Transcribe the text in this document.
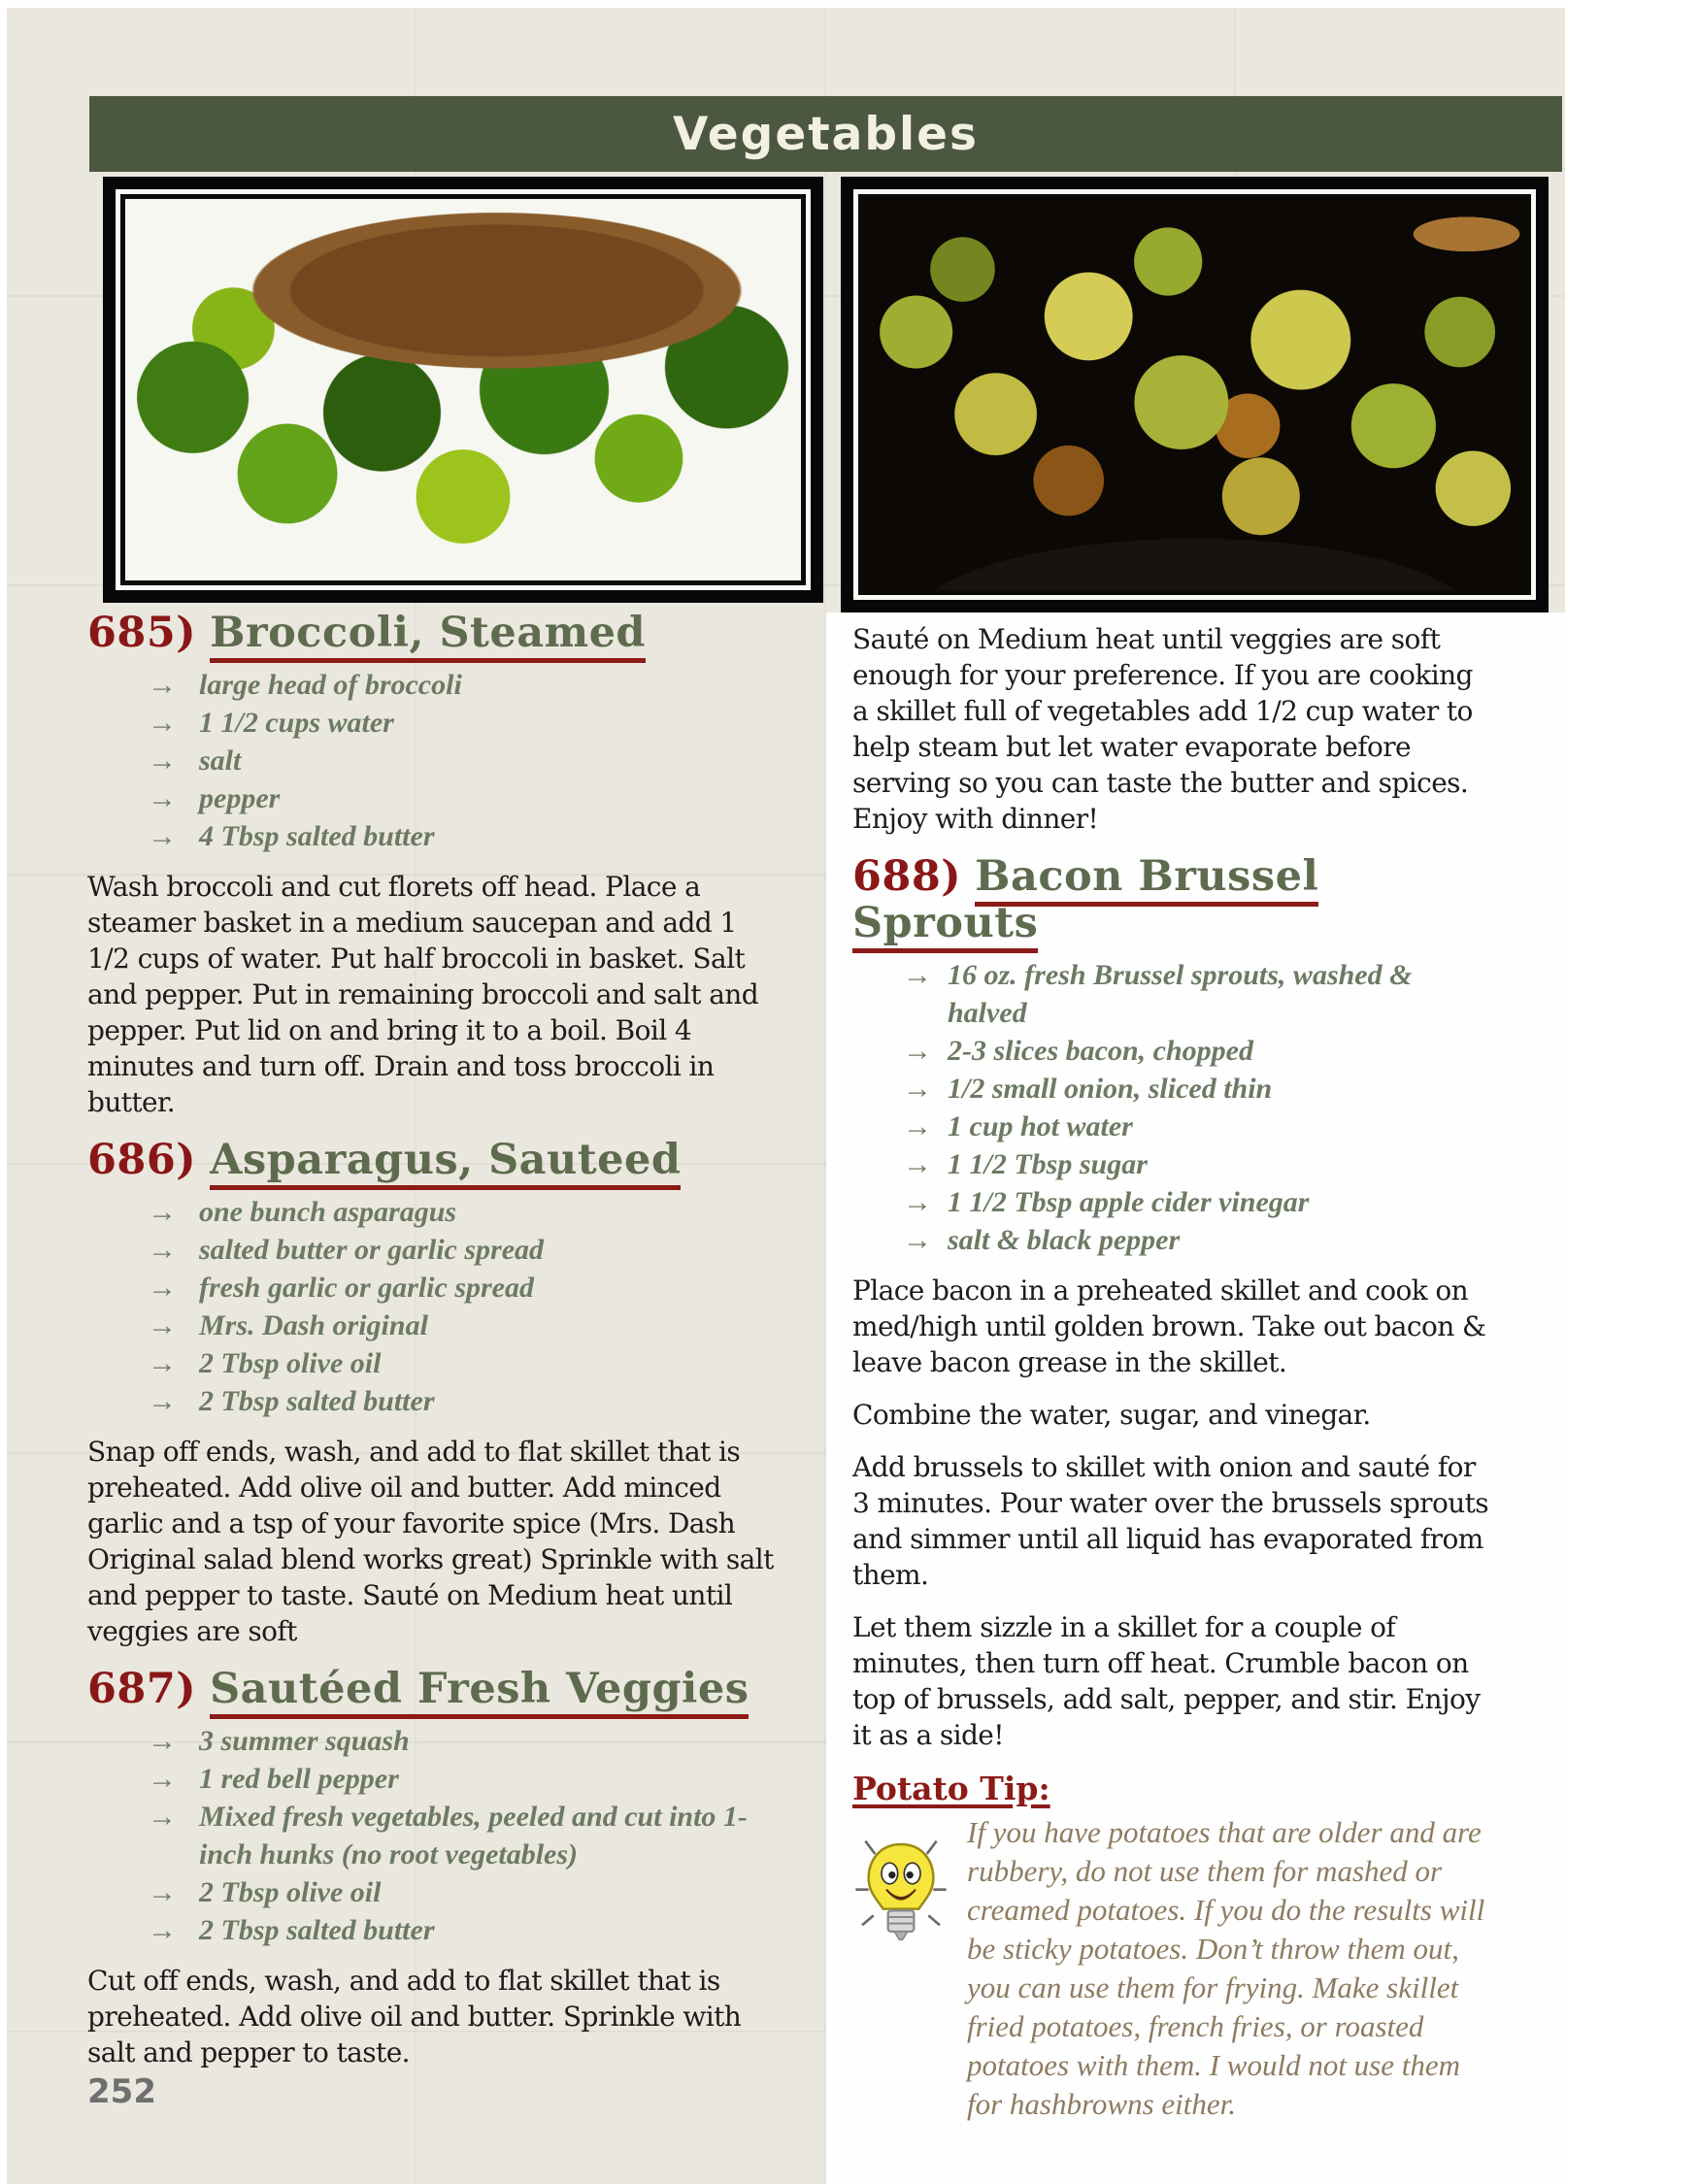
Vegetables
685) Broccoli, Steamed
→ large head of broccoli
→ 1 1/2 cups water
→ salt
→ pepper
→ 4 Tbsp salted butter

Wash broccoli and cut florets off head. Place a steamer basket in a medium saucepan and add 1 1/2 cups of water. Put half broccoli in basket. Salt and pepper. Put in remaining broccoli and salt and pepper. Put lid on and bring it to a boil. Boil 4 minutes and turn off. Drain and toss broccoli in butter.

686) Asparagus, Sauteed
→ one bunch asparagus
→ salted butter or garlic spread
→ fresh garlic or garlic spread
→ Mrs. Dash original
→ 2 Tbsp olive oil
→ 2 Tbsp salted butter

Snap off ends, wash, and add to flat skillet that is preheated. Add olive oil and butter. Add minced garlic and a tsp of your favorite spice (Mrs. Dash Original salad blend works great) Sprinkle with salt and pepper to taste. Sauté on Medium heat until veggies are soft

687) Sautéed Fresh Veggies
→ 3 summer squash
→ 1 red bell pepper
→ Mixed fresh vegetables, peeled and cut into 1-inch hunks (no root vegetables)
→ 2 Tbsp olive oil
→ 2 Tbsp salted butter

Cut off ends, wash, and add to flat skillet that is preheated. Add olive oil and butter. Sprinkle with salt and pepper to taste.

Sauté on Medium heat until veggies are soft enough for your preference. If you are cooking a skillet full of vegetables add 1/2 cup water to help steam but let water evaporate before serving so you can taste the butter and spices. Enjoy with dinner!

688) Bacon Brussel Sprouts
→ 16 oz. fresh Brussel sprouts, washed & halved
→ 2-3 slices bacon, chopped
→ 1/2 small onion, sliced thin
→ 1 cup hot water
→ 1 1/2 Tbsp sugar
→ 1 1/2 Tbsp apple cider vinegar
→ salt & black pepper

Place bacon in a preheated skillet and cook on med/high until golden brown. Take out bacon & leave bacon grease in the skillet.

Combine the water, sugar, and vinegar.

Add brussels to skillet with onion and sauté for 3 minutes. Pour water over the brussels sprouts and simmer until all liquid has evaporated from them.

Let them sizzle in a skillet for a couple of minutes, then turn off heat. Crumble bacon on top of brussels, add salt, pepper, and stir. Enjoy it as a side!

Potato Tip:
If you have potatoes that are older and are rubbery, do not use them for mashed or creamed potatoes. If you do the results will be sticky potatoes. Don’t throw them out, you can use them for frying. Make skillet fried potatoes, french fries, or roasted potatoes with them. I would not use them for hashbrowns either.
252
